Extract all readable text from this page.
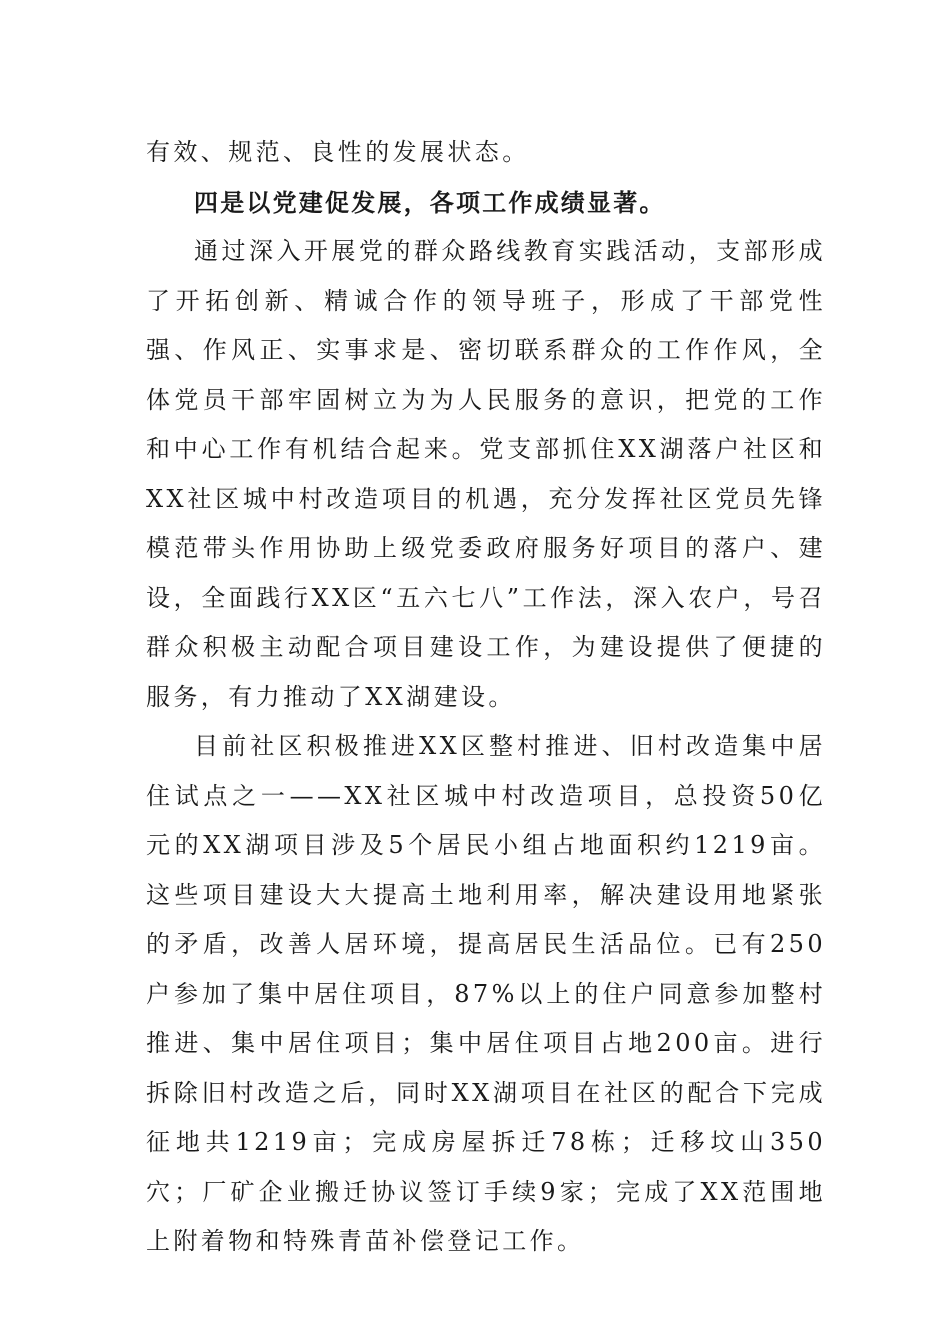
有效、规范、良性的发展状态。

四是以党建促发展，各项工作成绩显著。

通过深入开展党的群众路线教育实践活动，支部形成了开拓创新、精诚合作的领导班子，形成了干部党性强、作风正、实事求是、密切联系群众的工作作风，全体党员干部牢固树立为为人民服务的意识，把党的工作和中心工作有机结合起来。党支部抓住XX湖落户社区和XX社区城中村改造项目的机遇，充分发挥社区党员先锋模范带头作用协助上级党委政府服务好项目的落户、建设，全面践行XX区“五六七八”工作法，深入农户，号召群众积极主动配合项目建设工作，为建设提供了便捷的服务，有力推动了XX湖建设。

目前社区积极推进XX区整村推进、旧村改造集中居住试点之一——XX社区城中村改造项目，总投资50亿元的XX湖项目涉及5个居民小组占地面积约1219亩。这些项目建设大大提高土地利用率，解决建设用地紧张的矛盾，改善人居环境，提高居民生活品位。已有250户参加了集中居住项目，87%以上的住户同意参加整村推进、集中居住项目；集中居住项目占地200亩。进行拆除旧村改造之后，同时XX湖项目在社区的配合下完成征地共1219亩；完成房屋拆迁78栋；迁移坟山350穴；厂矿企业搬迁协议签订手续9家；完成了XX范围地上附着物和特殊青苗补偿登记工作。
